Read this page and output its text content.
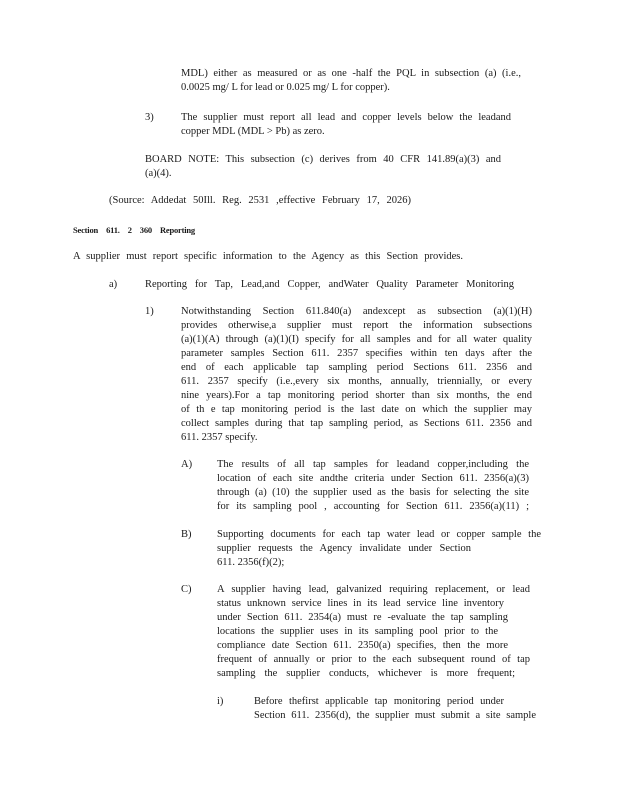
MDL) either as measured or as one -half the PQL in subsection (a) (i.e.,
0.0025 mg/ L for lead or 0.025 mg/ L for copper).
3)	The supplier must report all lead and copper levels below the leadand
copper MDL (MDL > Pb) as zero.
BOARD NOTE: This subsection (c) derives from 40 CFR 141.89(a)(3) and
(a)(4).
(Source: Addedat 50Ill. Reg. 2531 ,effective February 17, 2026)
Section 611. 2 360 Reporting
A supplier must report specific information to the Agency as this Section provides.
a)	Reporting for Tap, Lead,and Copper, andWater Quality Parameter Monitoring
1)	Notwithstanding Section 611.840(a) andexcept as subsection (a)(1)(H)
provides otherwise,a supplier must report the information subsections
(a)(1)(A) through (a)(1)(I) specify for all samples and for all water quality
parameter samples Section 611. 2357 specifies within ten days after the
end of each applicable tap sampling period Sections 611. 2356 and
611. 2357 specify (i.e.,every six months, annually, triennially, or every
nine years).For a tap monitoring period shorter than six months, the end
of th e tap monitoring period is the last date on which the supplier may
collect samples during that tap sampling period, as Sections 611. 2356 and
611. 2357 specify.
A) The results of all tap samples for leadand copper,including the
location of each site andthe criteria under Section 611. 2356(a)(3)
through (a) (10) the supplier used as the basis for selecting the site
for its sampling pool , accounting for Section 611. 2356(a)(11) ;
B) Supporting documents for each tap water lead or copper sample the
supplier requests the Agency invalidate under Section
611. 2356(f)(2);
C) A supplier having lead, galvanized requiring replacement, or lead
status unknown service lines in its lead service line inventory
under Section 611. 2354(a) must re -evaluate the tap sampling
locations the supplier uses in its sampling pool prior to the
compliance date Section 611. 2350(a) specifies, then the more
frequent of annually or prior to the each subsequent round of tap
sampling the supplier conducts, whichever is more frequent;
i)	Before thefirst applicable tap monitoring period under
Section 611. 2356(d), the supplier must submit a site sample
